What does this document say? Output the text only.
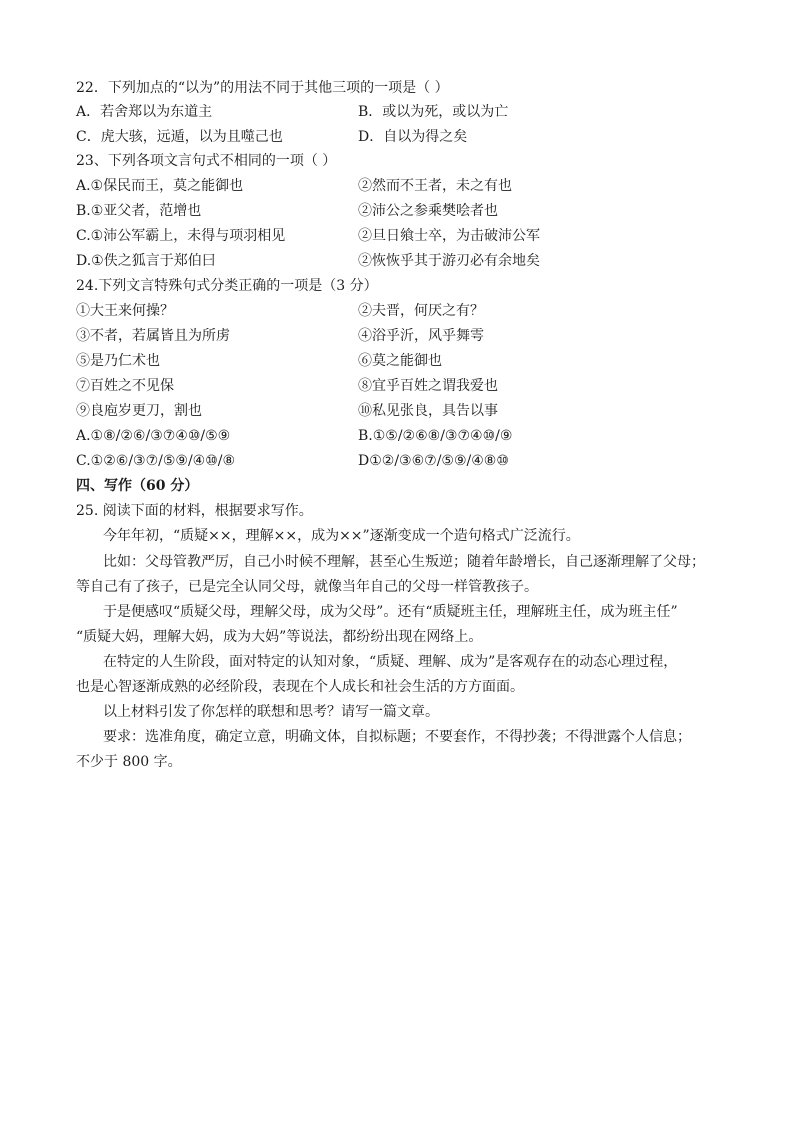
22．下列加点的“以为”的用法不同于其他三项的一项是（ ）
A．若舍郑以为东道主	B．或以为死，或以为亡
C．虎大骇，远遁，以为且噬己也	D．自以为得之矣
23、下列各项文言句式不相同的一项（ ）
A.①保民而王，莫之能御也	②然而不王者，未之有也
B.①亚父者，范增也	②沛公之参乘樊哙者也
C.①沛公军霸上，未得与项羽相见	②旦日飨士卒，为击破沛公军
D.①佚之狐言于郑伯曰	②恢恢乎其于游刃必有余地矣
24.下列文言特殊句式分类正确的一项是（3 分）
①大王来何操？	②夫晋，何厌之有？
③不者，若属皆且为所虏	④浴乎沂，风乎舞雩
⑤是乃仁术也	⑥莫之能御也
⑦百姓之不见保	⑧宜乎百姓之谓我爱也
⑨良庖岁更刀，割也	⑩私见张良，具告以事
A.①⑧/②⑥/③⑦④⑩/⑤⑨	B.①⑤/②⑥⑧/③⑦④⑩/⑨
C.①②⑥/③⑦/⑤⑨/④⑩/⑧	D①②/③⑥⑦/⑤⑨/④⑧⑩
四、写作（60 分）
25. 阅读下面的材料，根据要求写作。
今年年初，“质疑××，理解××，成为××”逐渐变成一个造句格式广泛流行。
比如：父母管教严厉，自己小时候不理解，甚至心生叛逆；随着年龄增长，自己逐渐理解了父母；
等自己有了孩子，已是完全认同父母，就像当年自己的父母一样管教孩子。
于是便感叹“质疑父母，理解父母，成为父母”。还有“质疑班主任，理解班主任，成为班主任”
“质疑大妈，理解大妈，成为大妈”等说法，都纷纷出现在网络上。
在特定的人生阶段，面对特定的认知对象，“质疑、理解、成为”是客观存在的动态心理过程，
也是心智逐渐成熟的必经阶段，表现在个人成长和社会生活的方方面面。
以上材料引发了你怎样的联想和思考？请写一篇文章。
要求：选准角度，确定立意，明确文体，自拟标题；不要套作，不得抄袭；不得泄露个人信息；
不少于 800 字。
